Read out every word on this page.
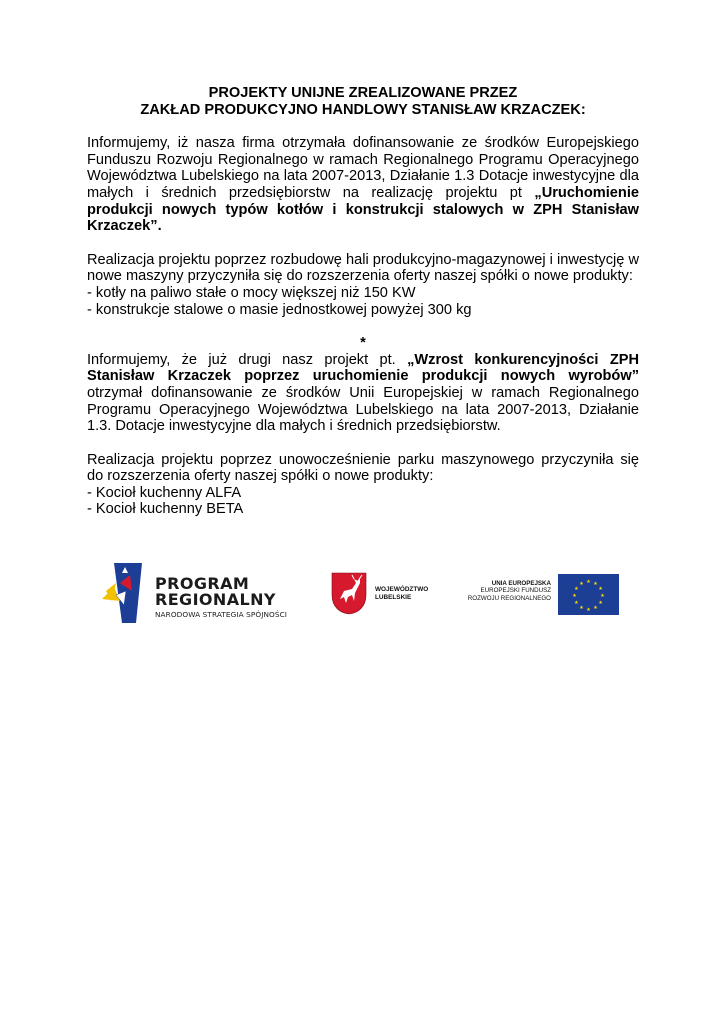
PROJEKTY UNIJNE ZREALIZOWANE PRZEZ

ZAKŁAD PRODUKCYJNO HANDLOWY STANISŁAW KRZACZEK:

Informujemy, iż nasza firma otrzymała dofinansowanie ze środków Europejskiego Funduszu Rozwoju Regionalnego w ramach Regionalnego Programu Operacyjnego Województwa Lubelskiego na lata 2007-2013, Działanie 1.3 Dotacje inwestycyjne dla małych i średnich przedsiębiorstw na realizację projektu pt „Uruchomienie produkcji nowych typów kotłów i konstrukcji stalowych w ZPH Stanisław Krzaczek”.

Realizacja projektu poprzez rozbudowę hali produkcyjno-magazynowej i inwestycję w nowe maszyny przyczyniła się do rozszerzenia oferty naszej spółki o nowe produkty:

- kotły na paliwo stałe o mocy większej niż 150 KW

- konstrukcje stalowe o masie jednostkowej powyżej 300 kg

*

Informujemy, że już drugi nasz projekt pt. „Wzrost konkurencyjności ZPH Stanisław Krzaczek poprzez uruchomienie produkcji nowych wyrobów” otrzymał dofinansowanie ze środków Unii Europejskiej w ramach Regionalnego Programu Operacyjnego Województwa Lubelskiego na lata 2007-2013, Działanie 1.3. Dotacje inwestycyjne dla małych i średnich przedsiębiorstw.

Realizacja projektu poprzez unowocześnienie parku maszynowego przyczyniła się do rozszerzenia oferty naszej spółki o nowe produkty:

- Kocioł kuchenny ALFA

- Kocioł kuchenny BETA

PROGRAM
REGIONALNY
NARODOWA STRATEGIA SPÓJNOŚCI
WOJEWÓDZTWO
LUBELSKIE
UNIA EUROPEJSKA
EUROPEJSKI FUNDUSZ
ROZWOJU REGIONALNEGO
★ ★
★
★
★
★
★
★
★
★
★
★
